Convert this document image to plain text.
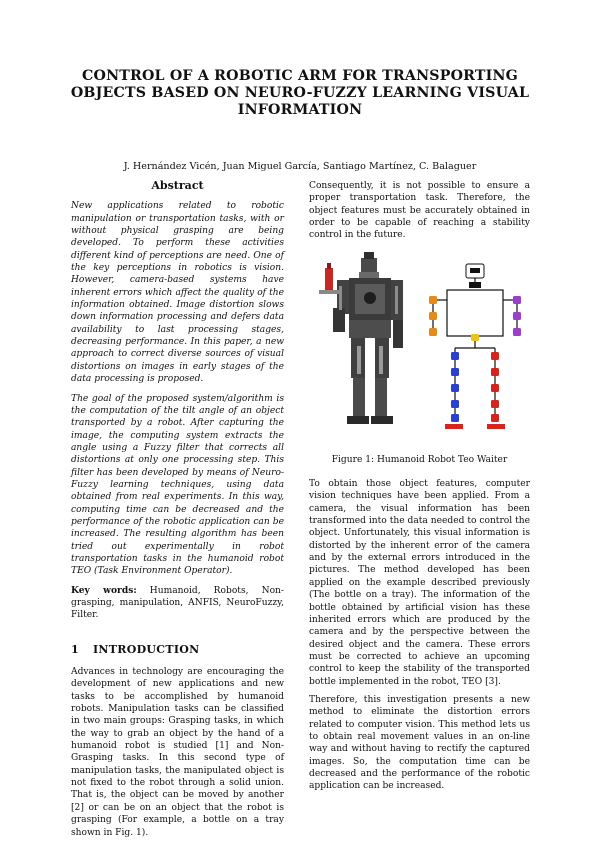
CONTROL OF A ROBOTIC ARM FOR TRANSPORTING
OBJECTS BASED ON NEURO-FUZZY LEARNING VISUAL
INFORMATION
J. Hernández Vicén, Juan Miguel García, Santiago Martínez, C. Balaguer
Abstract

New applications related to robotic manipulation or transportation tasks, with or without physical grasping are being developed. To perform these activities different kind of perceptions are need. One of the key perceptions in robotics is vision. However, camera-based systems have inherent errors which affect the quality of the information obtained. Image distortion slows down information processing and defers data availability to last processing stages, decreasing performance. In this paper, a new approach to correct diverse sources of visual distortions on images in early stages of the data processing is proposed.

The goal of the proposed system/algorithm is the computation of the tilt angle of an object transported by a robot. After capturing the image, the computing system extracts the angle using a Fuzzy filter that corrects all distortions at only one processing step. This filter has been developed by means of Neuro-Fuzzy learning techniques, using data obtained from real experiments. In this way, computing time can be decreased and the performance of the robotic application can be increased. The resulting algorithm has been tried out experimentally in robot transportation tasks in the humanoid robot TEO (Task Environment Operator).

Key words: Humanoid, Robots, Non-grasping, manipulation, ANFIS, NeuroFuzzy, Filter.

1 INTRODUCTION

Advances in technology are encouraging the development of new applications and new tasks to be accomplished by humanoid robots. Manipulation tasks can be classified in two main groups: Grasping tasks, in which the way to grab an object by the hand of a humanoid robot is studied [1] and Non-Grasping tasks. In this second type of manipulation tasks, the manipulated object is not fixed to the robot through a solid union. That is, the object can be moved by another [2] or can be on an object that the robot is grasping (For example, a bottle on a tray shown in Fig. 1).

Consequently, it is not possible to ensure a proper transportation task. Therefore, the object features must be accurately obtained in order to be capable of reaching a stability control in the future.

Figure 1: Humanoid Robot Teo Waiter

To obtain those object features, computer vision techniques have been applied. From a camera, the visual information has been transformed into the data needed to control the object. Unfortunately, this visual information is distorted by the inherent error of the camera and by the external errors introduced in the pictures. The method developed has been applied on the example described previously (The bottle on a tray). The information of the bottle obtained by artificial vision has these inherited errors which are produced by the camera and by the perspective between the desired object and the camera. These errors must be corrected to achieve an upcoming control to keep the stability of the transported bottle implemented in the robot, TEO [3].

Therefore, this investigation presents a new method to eliminate the distortion errors related to computer vision. This method lets us to obtain real movement values in an on-line way and without having to rectify the captured images. So, the computation time can be decreased and the performance of the robotic application can be increased.
